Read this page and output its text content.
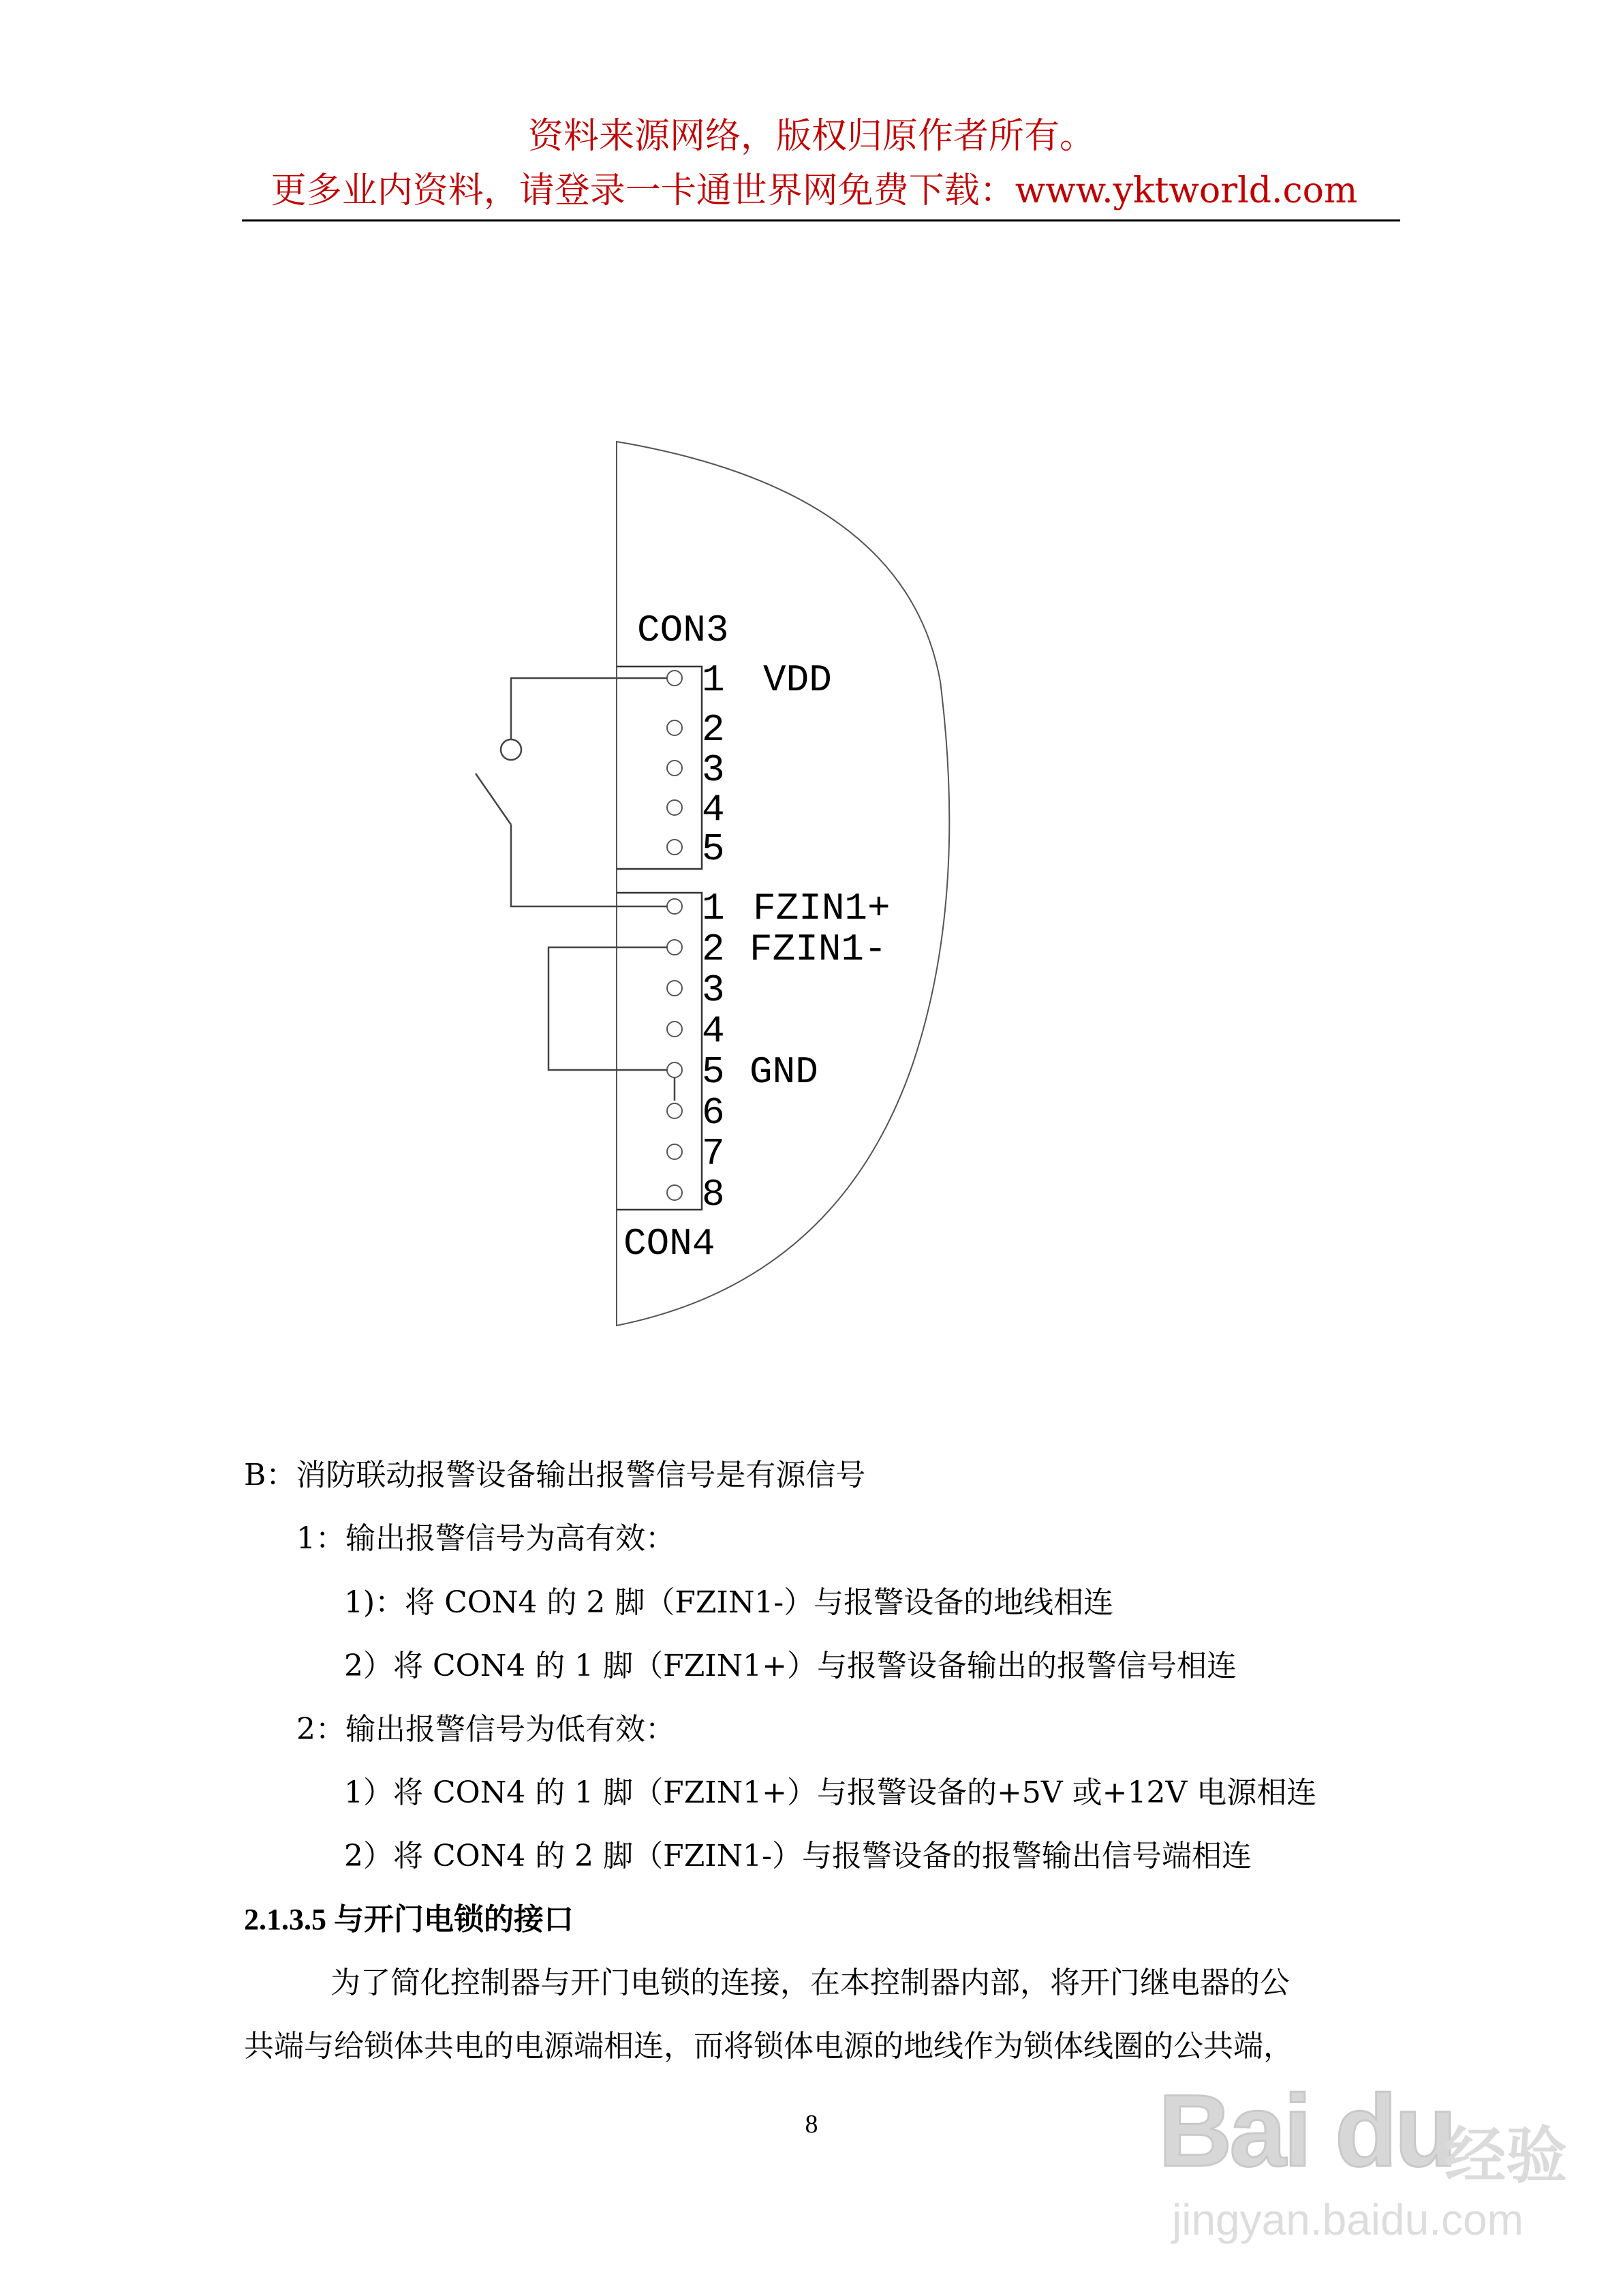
资料来源网络，版权归原作者所有。
更多业内资料，请登录一卡通世界网免费下载：www.yktworld.com
CON3
CON4
1
2
3
4
5
1
2
3
4
5
6
7
8
VDD
FZIN1+
FZIN1-
GND
B：消防联动报警设备输出报警信号是有源信号
1：输出报警信号为高有效：
1)：将 CON4 的 2 脚（FZIN1-）与报警设备的地线相连
2）将 CON4 的 1 脚（FZIN1+）与报警设备输出的报警信号相连
2：输出报警信号为低有效：
1）将 CON4 的 1 脚（FZIN1+）与报警设备的+5V 或+12V 电源相连
2）将 CON4 的 2 脚（FZIN1-）与报警设备的报警输出信号端相连
2.1.3.5 与开门电锁的接口
为了简化控制器与开门电锁的连接，在本控制器内部，将开门继电器的公
共端与给锁体共电的电源端相连，而将锁体电源的地线作为锁体线圈的公共端，
8	Bai du
经验
jingyan.baidu.com
